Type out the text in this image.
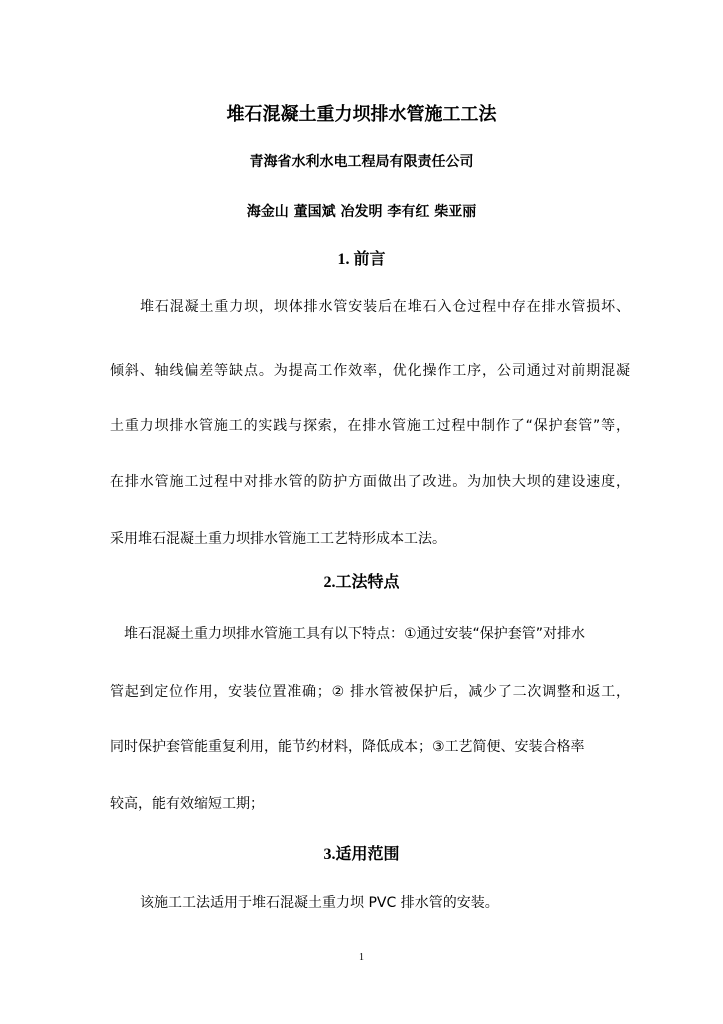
堆石混凝土重力坝排水管施工工法
青海省水利水电工程局有限责任公司
海金山 董国斌 冶发明 李有红 柴亚丽
1. 前言
堆石混凝土重力坝，坝体排水管安装后在堆石入仓过程中存在排水管损坏、
倾斜、轴线偏差等缺点。为提高工作效率，优化操作工序，公司通过对前期混凝
土重力坝排水管施工的实践与探索，在排水管施工过程中制作了“保护套管”等，
在排水管施工过程中对排水管的防护方面做出了改进。为加快大坝的建设速度，
采用堆石混凝土重力坝排水管施工工艺特形成本工法。
2.工法特点
堆石混凝土重力坝排水管施工具有以下特点：①通过安装“保护套管”对排水
管起到定位作用，安装位置准确；② 排水管被保护后，减少了二次调整和返工，
同时保护套管能重复利用，能节约材料，降低成本；③工艺简便、安装合格率
较高，能有效缩短工期；
3.适用范围
该施工工法适用于堆石混凝土重力坝 PVC 排水管的安装。
1
